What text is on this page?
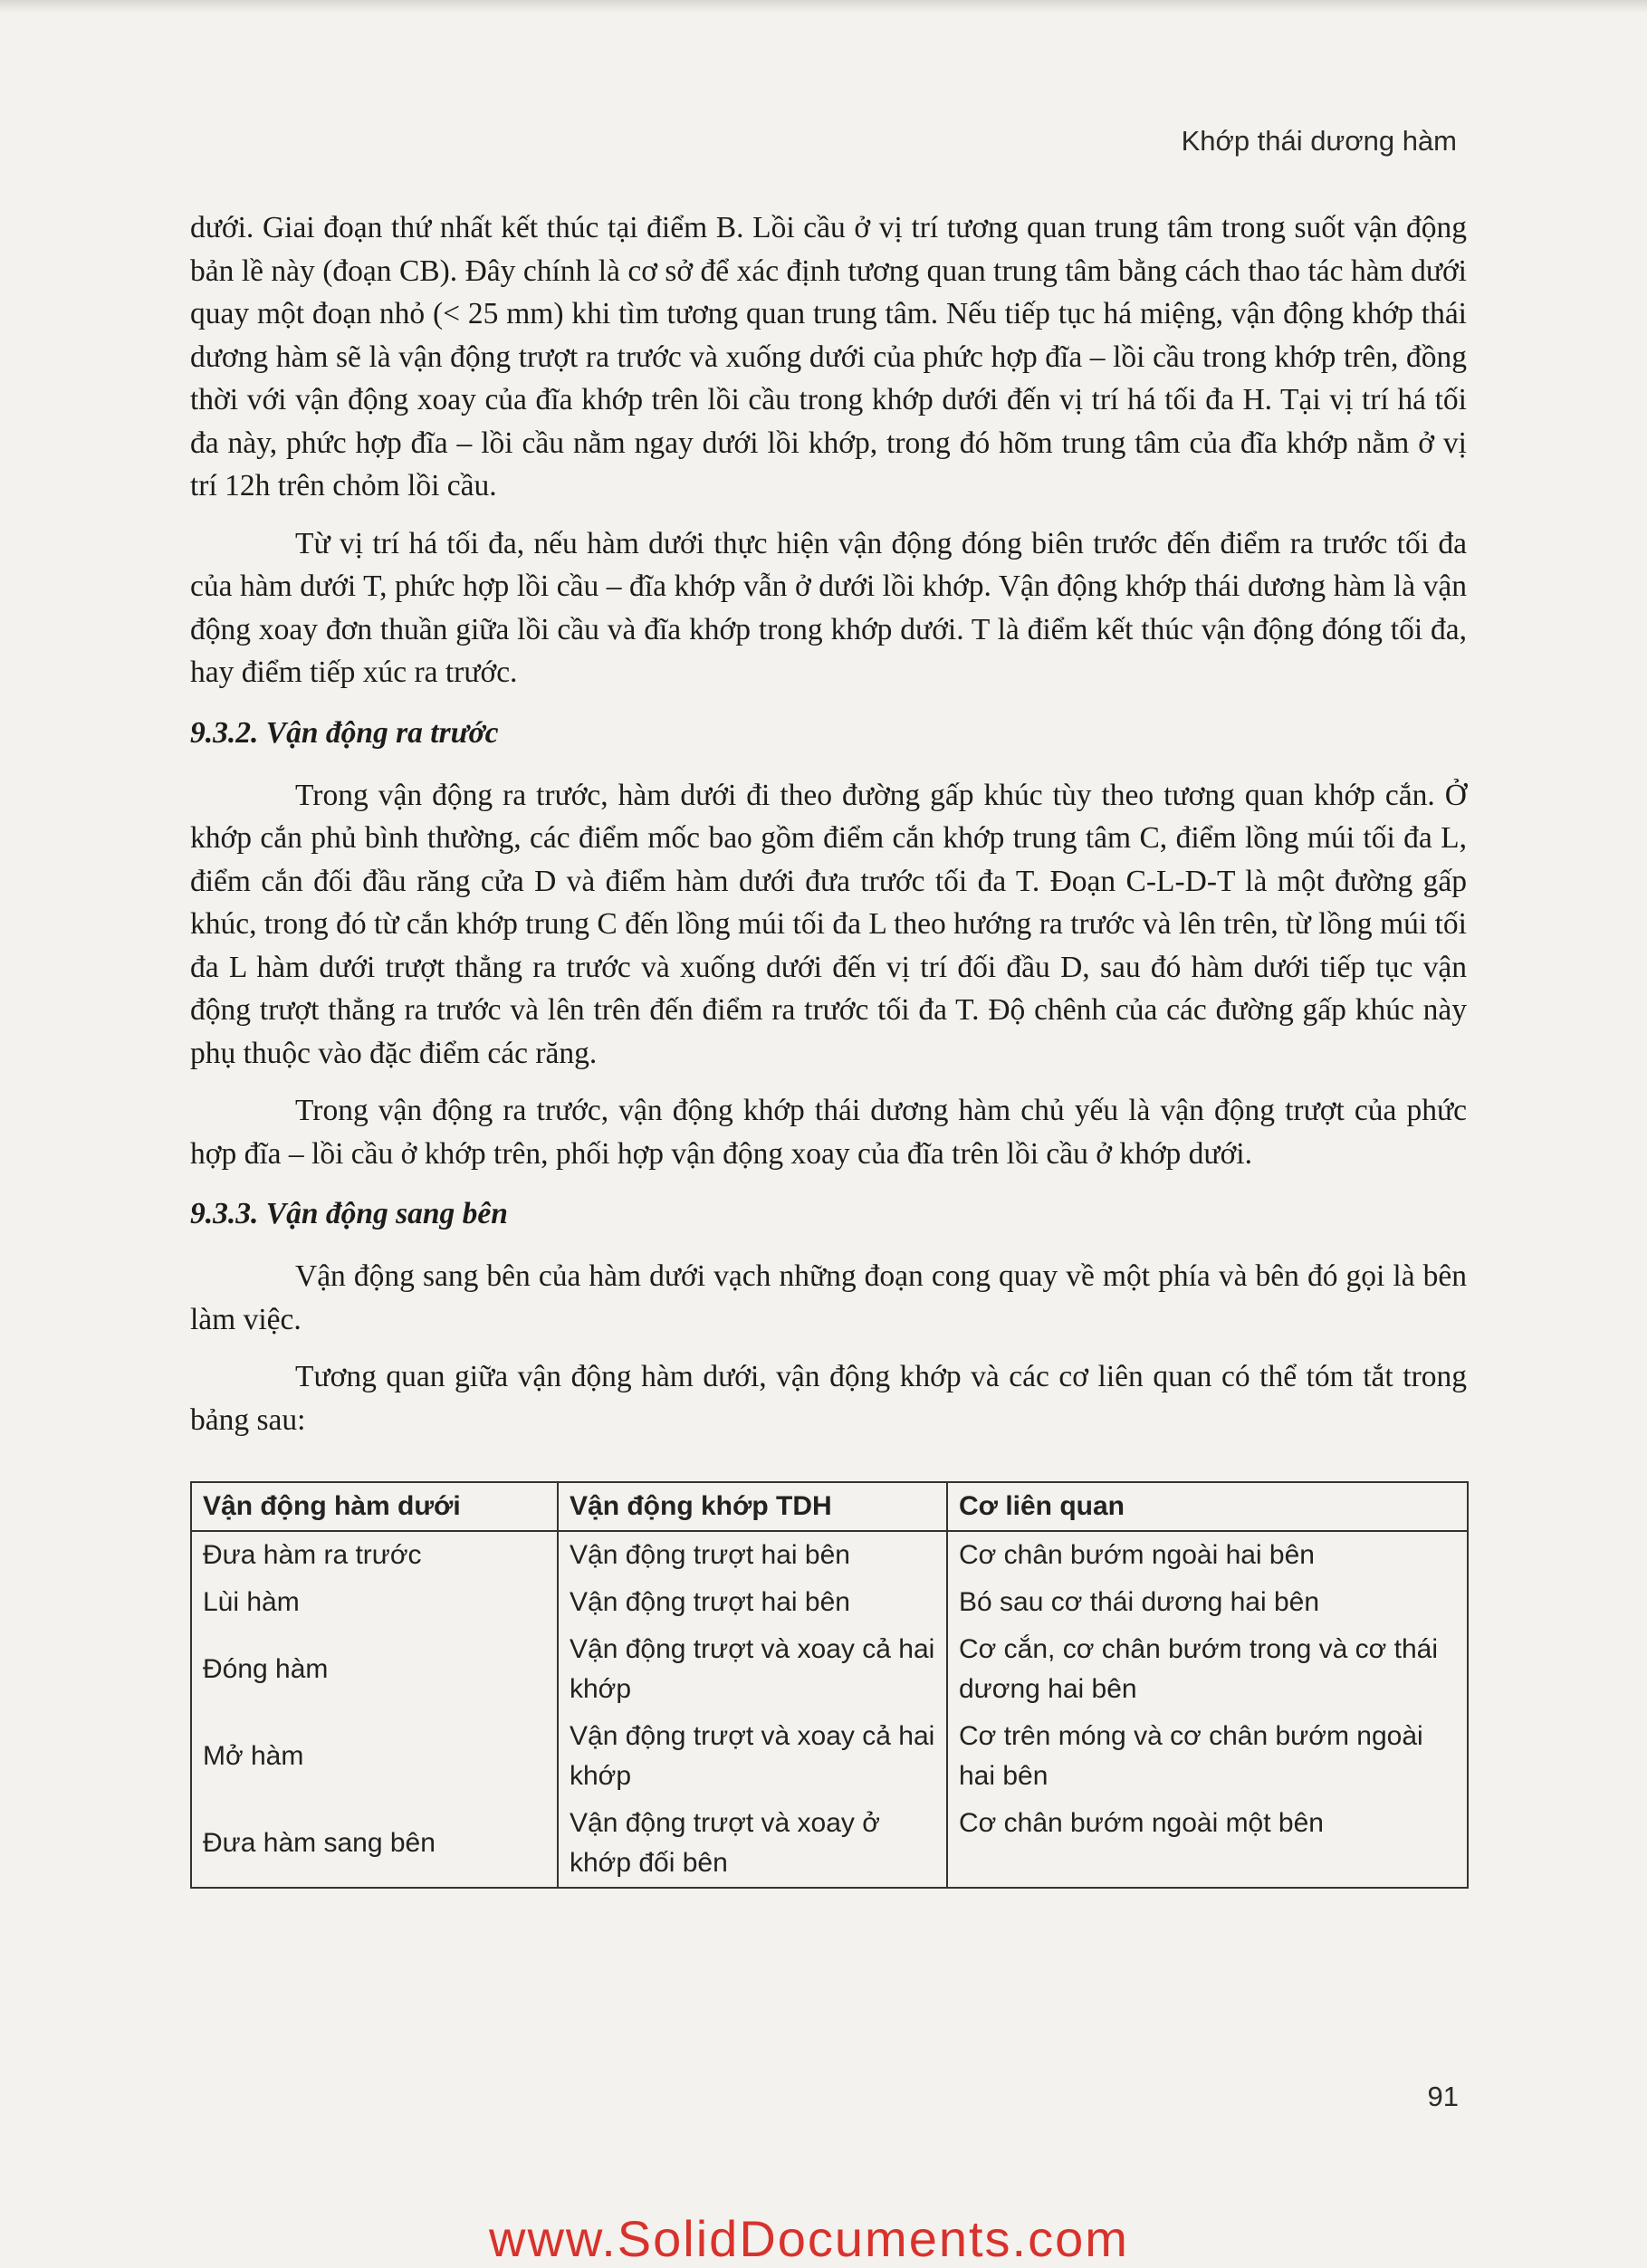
Khớp thái dương hàm

dưới. Giai đoạn thứ nhất kết thúc tại điểm B. Lồi cầu ở vị trí tương quan trung tâm trong suốt vận động bản lề này (đoạn CB). Đây chính là cơ sở để xác định tương quan trung tâm bằng cách thao tác hàm dưới quay một đoạn nhỏ (< 25 mm) khi tìm tương quan trung tâm. Nếu tiếp tục há miệng, vận động khớp thái dương hàm sẽ là vận động trượt ra trước và xuống dưới của phức hợp đĩa – lồi cầu trong khớp trên, đồng thời với vận động xoay của đĩa khớp trên lồi cầu trong khớp dưới đến vị trí há tối đa H. Tại vị trí há tối đa này, phức hợp đĩa – lồi cầu nằm ngay dưới lồi khớp, trong đó hõm trung tâm của đĩa khớp nằm ở vị trí 12h trên chỏm lồi cầu.

Từ vị trí há tối đa, nếu hàm dưới thực hiện vận động đóng biên trước đến điểm ra trước tối đa của hàm dưới T, phức hợp lồi cầu – đĩa khớp vẫn ở dưới lồi khớp. Vận động khớp thái dương hàm là vận động xoay đơn thuần giữa lồi cầu và đĩa khớp trong khớp dưới. T là điểm kết thúc vận động đóng tối đa, hay điểm tiếp xúc ra trước.

9.3.2. Vận động ra trước

Trong vận động ra trước, hàm dưới đi theo đường gấp khúc tùy theo tương quan khớp cắn. Ở khớp cắn phủ bình thường, các điểm mốc bao gồm điểm cắn khớp trung tâm C, điểm lồng múi tối đa L, điểm cắn đối đầu răng cửa D và điểm hàm dưới đưa trước tối đa T. Đoạn C-L-D-T là một đường gấp khúc, trong đó từ cắn khớp trung C đến lồng múi tối đa L theo hướng ra trước và lên trên, từ lồng múi tối đa L hàm dưới trượt thẳng ra trước và xuống dưới đến vị trí đối đầu D, sau đó hàm dưới tiếp tục vận động trượt thẳng ra trước và lên trên đến điểm ra trước tối đa T. Độ chênh của các đường gấp khúc này phụ thuộc vào đặc điểm các răng.

Trong vận động ra trước, vận động khớp thái dương hàm chủ yếu là vận động trượt của phức hợp đĩa – lồi cầu ở khớp trên, phối hợp vận động xoay của đĩa trên lồi cầu ở khớp dưới.

9.3.3. Vận động sang bên

Vận động sang bên của hàm dưới vạch những đoạn cong quay về một phía và bên đó gọi là bên làm việc.

Tương quan giữa vận động hàm dưới, vận động khớp và các cơ liên quan có thể tóm tắt trong bảng sau:

Vận động hàm dưới	Vận động khớp TDH	Cơ liên quan
Đưa hàm ra trước	Vận động trượt hai bên	Cơ chân bướm ngoài hai bên
Lùi hàm	Vận động trượt hai bên	Bó sau cơ thái dương hai bên
Đóng hàm	Vận động trượt và xoay cả hai khớp	Cơ cắn, cơ chân bướm trong và cơ thái dương hai bên
Mở hàm	Vận động trượt và xoay cả hai khớp	Cơ trên móng và cơ chân bướm ngoài hai bên
Đưa hàm sang bên	Vận động trượt và xoay ở khớp đối bên	Cơ chân bướm ngoài một bên
91
www.SolidDocuments.com
